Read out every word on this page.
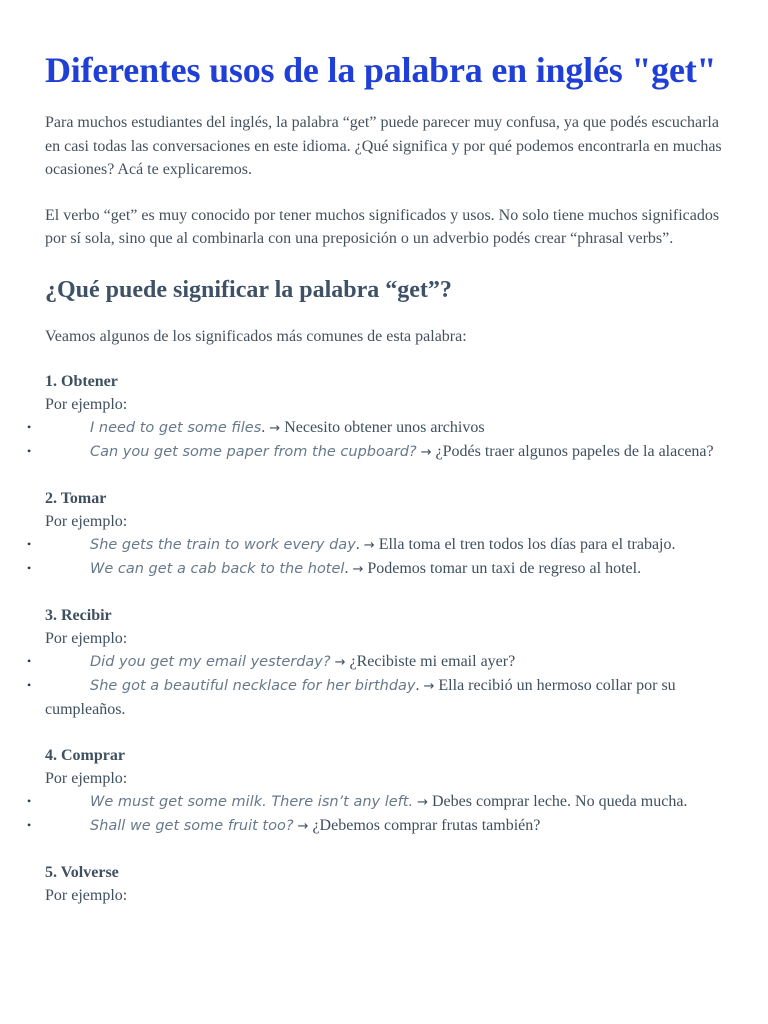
Diferentes usos de la palabra en inglés "get"

Para muchos estudiantes del inglés, la palabra “get” puede parecer muy confusa, ya que podés escucharla en casi todas las conversaciones en este idioma. ¿Qué significa y por qué podemos encontrarla en muchas ocasiones? Acá te explicaremos.

El verbo “get” es muy conocido por tener muchos significados y usos. No solo tiene muchos significados por sí sola, sino que al combinarla con una preposición o un adverbio podés crear “phrasal verbs”.

¿Qué puede significar la palabra “get”?

Veamos algunos de los significados más comunes de esta palabra:

1. Obtener
Por ejemplo:
•	I need to get some files. → Necesito obtener unos archivos
•	Can you get some paper from the cupboard? → ¿Podés traer algunos papeles de la alacena?
2. Tomar
Por ejemplo:
•	She gets the train to work every day. → Ella toma el tren todos los días para el trabajo.
•	We can get a cab back to the hotel. → Podemos tomar un taxi de regreso al hotel.
3. Recibir
Por ejemplo:
•	Did you get my email yesterday? → ¿Recibiste mi email ayer?
•	She got a beautiful necklace for her birthday. → Ella recibió un hermoso collar por su cumpleaños.
4. Comprar
Por ejemplo:
•	We must get some milk. There isn’t any left. → Debes comprar leche. No queda mucha.
•	Shall we get some fruit too? → ¿Debemos comprar frutas también?
5. Volverse
Por ejemplo:
